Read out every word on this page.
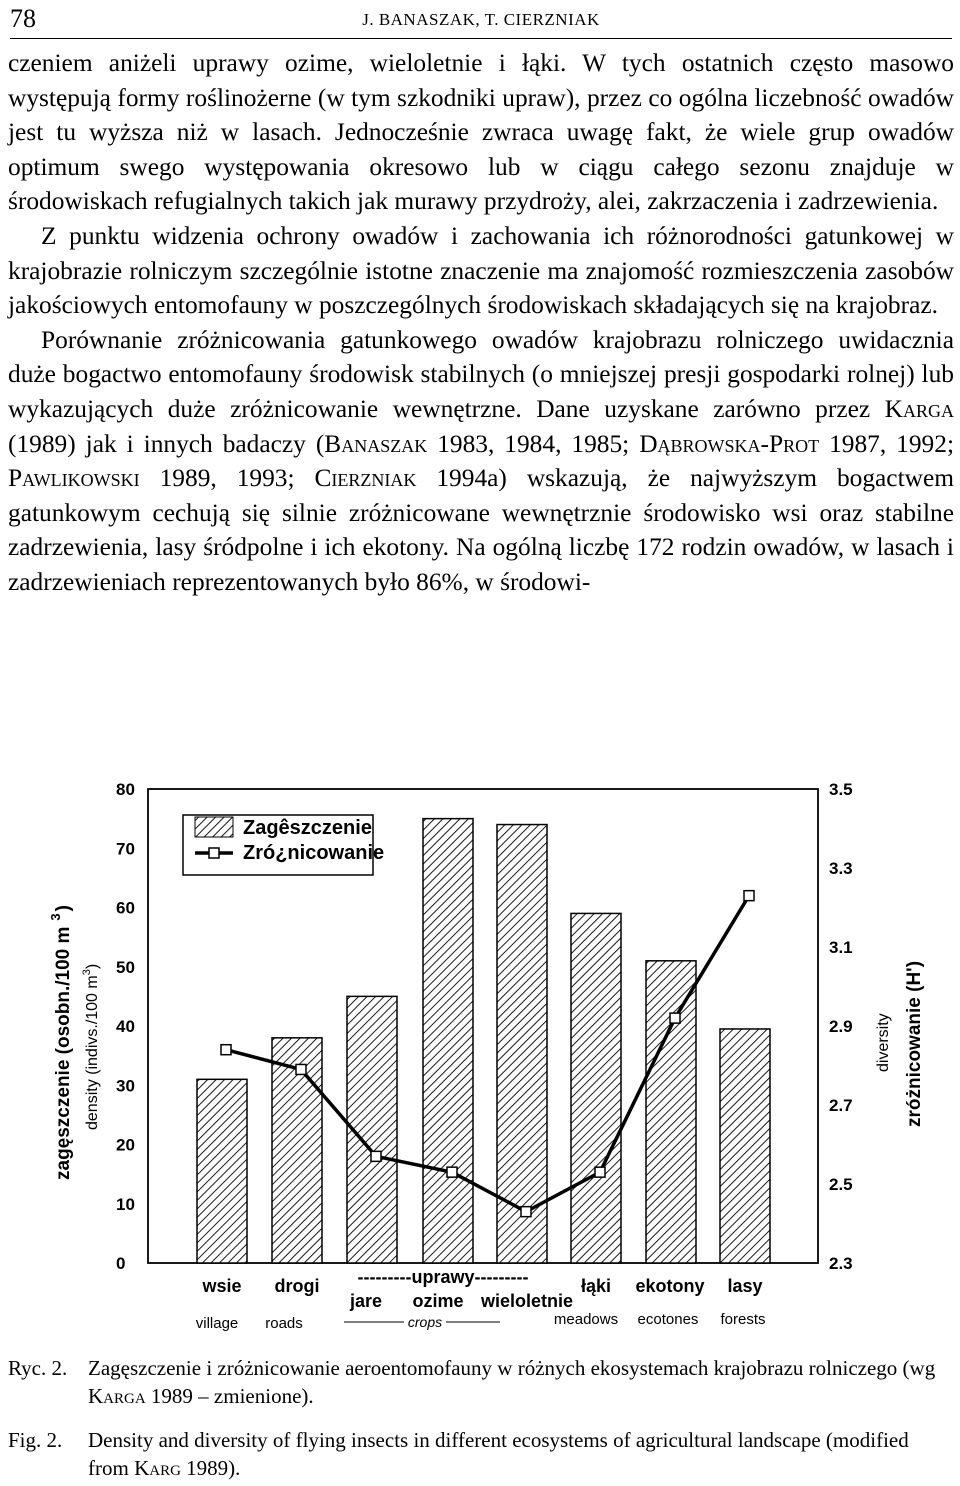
78	J. BANASZAK, T. CIERZNIAK

czeniem aniżeli uprawy ozime, wieloletnie i łąki. W tych ostatnich często masowo występują formy roślinożerne (w tym szkodniki upraw), przez co ogólna liczebność owadów jest tu wyższa niż w lasach. Jednocześnie zwraca uwagę fakt, że wiele grup owadów optimum swego występowania okresowo lub w ciągu całego sezonu znajduje w środowiskach refugialnych takich jak murawy przydroży, alei, zakrzaczenia i zadrzewienia.

Z punktu widzenia ochrony owadów i zachowania ich różnorodności gatunkowej w krajobrazie rolniczym szczególnie istotne znaczenie ma znajomość rozmieszczenia zasobów jakościowych entomofauny w poszczególnych środowiskach składających się na krajobraz.

Porównanie zróżnicowania gatunkowego owadów krajobrazu rolniczego uwidacznia duże bogactwo entomofauny środowisk stabilnych (o mniejszej presji gospodarki rolnej) lub wykazujących duże zróżnicowanie wewnętrzne. Dane uzyskane zarówno przez Karga (1989) jak i innych badaczy (Banaszak 1983, 1984, 1985; Dąbrowska-Prot 1987, 1992; Pawlikowski 1989, 1993; Cierzniak 1994a) wskazują, że najwyższym bogactwem gatunkowym cechują się silnie zróżnicowane wewnętrznie środowisko wsi oraz stabilne zadrzewienia, lasy śródpolne i ich ekotony. Na ogólną liczbę 172 rodzin owadów, w lasach i zadrzewieniach reprezentowanych było 86%, w środowi-

0
10
20
30
40
50
60
70
80
2.3
2.5
2.7
2.9
3.1
3.3
3.5
wsie drogi
jare ozime wieloletnie
łąki ekotony lasy
village roads	meadows ecotones forests
Zagêszczenie
Zró¿nicowanie
zagęszczenie (osobn./100 $m^3$)
density (indivs./100 $m^3$)
diversity zróżnicowanie (H')
---------uprawy---------
crops
Ryc. 2. Zagęszczenie i zróżnicowanie aeroentomofauny w różnych ekosystemach krajobrazu rolniczego (wg Karga 1989 – zmienione).
Fig. 2. Density and diversity of flying insects in different ecosystems of agricultural landscape (modified from Karg 1989).
